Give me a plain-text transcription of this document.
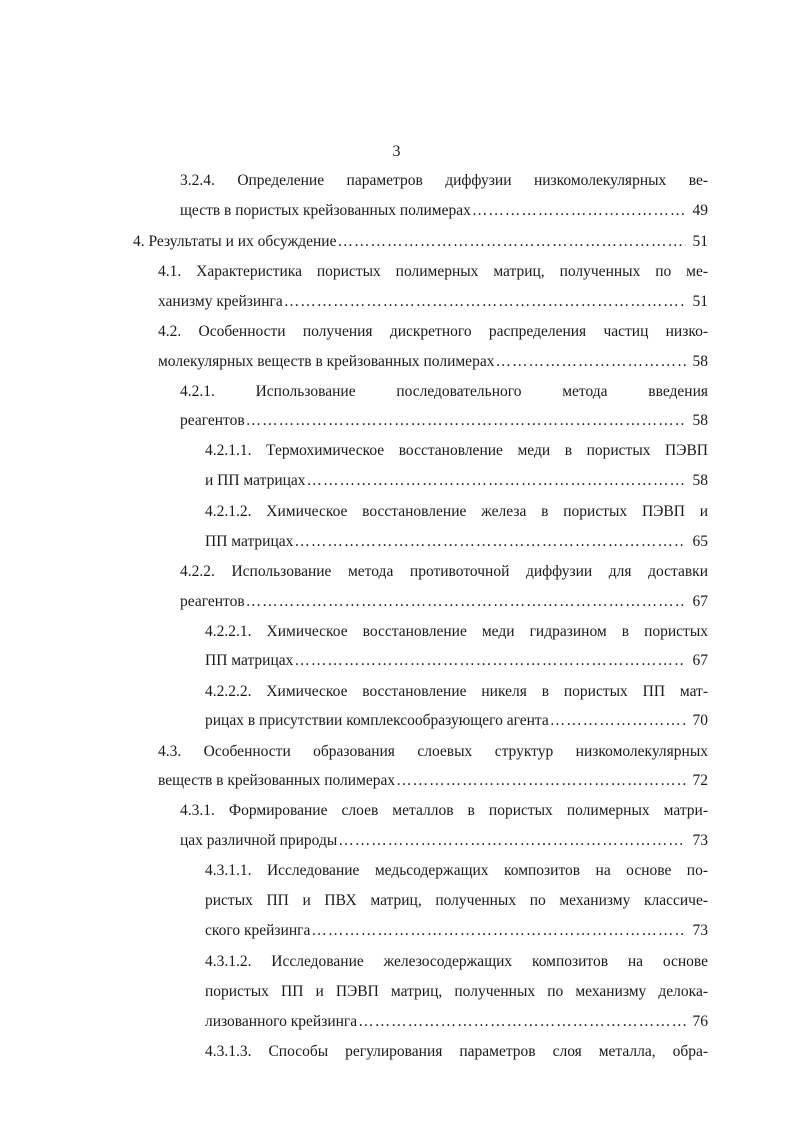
3
3.2.4. Определение параметров диффузии низкомолекулярных ве-
ществ в пористых крейзованных полимерах ………………………………………………………………………………………………………………………………………………………………………………………	49
4. Результаты и их обсуждение ………………………………………………………………………………………………………………………………………………………………………………………	51
4.1. Характеристика пористых полимерных матриц, полученных по ме-
ханизму крейзинга ………………………………………………………………………………………………………………………………………………………………………………………	51
4.2. Особенности получения дискретного распределения частиц низко-
молекулярных веществ в крейзованных полимерах ………………………………………………………………………………………………………………………………………………………………………………………	58
4.2.1. Использование последовательного метода введения
реагентов ………………………………………………………………………………………………………………………………………………………………………………………	58
4.2.1.1. Термохимическое восстановление меди в пористых ПЭВП
и ПП матрицах ………………………………………………………………………………………………………………………………………………………………………………………	58
4.2.1.2. Химическое восстановление железа в пористых ПЭВП и
ПП матрицах ………………………………………………………………………………………………………………………………………………………………………………………	65
4.2.2. Использование метода противоточной диффузии для доставки
реагентов ………………………………………………………………………………………………………………………………………………………………………………………	67
4.2.2.1. Химическое восстановление меди гидразином в пористых
ПП матрицах ………………………………………………………………………………………………………………………………………………………………………………………	67
4.2.2.2. Химическое восстановление никеля в пористых ПП мат-
рицах в присутствии комплексообразующего агента ………………………………………………………………………………………………………………………………………………………………………………………	70
4.3. Особенности образования слоевых структур низкомолекулярных
веществ в крейзованных полимерах ………………………………………………………………………………………………………………………………………………………………………………………	72
4.3.1. Формирование слоев металлов в пористых полимерных матри-
цах различной природы ………………………………………………………………………………………………………………………………………………………………………………………	73
4.3.1.1. Исследование медьсодержащих композитов на основе по-
ристых ПП и ПВХ матриц, полученных по механизму классиче-
ского крейзинга ………………………………………………………………………………………………………………………………………………………………………………………	73
4.3.1.2. Исследование железосодержащих композитов на основе
пористых ПП и ПЭВП матриц, полученных по механизму делока-
лизованного крейзинга ………………………………………………………………………………………………………………………………………………………………………………………	76
4.3.1.3. Способы регулирования параметров слоя металла, обра-
